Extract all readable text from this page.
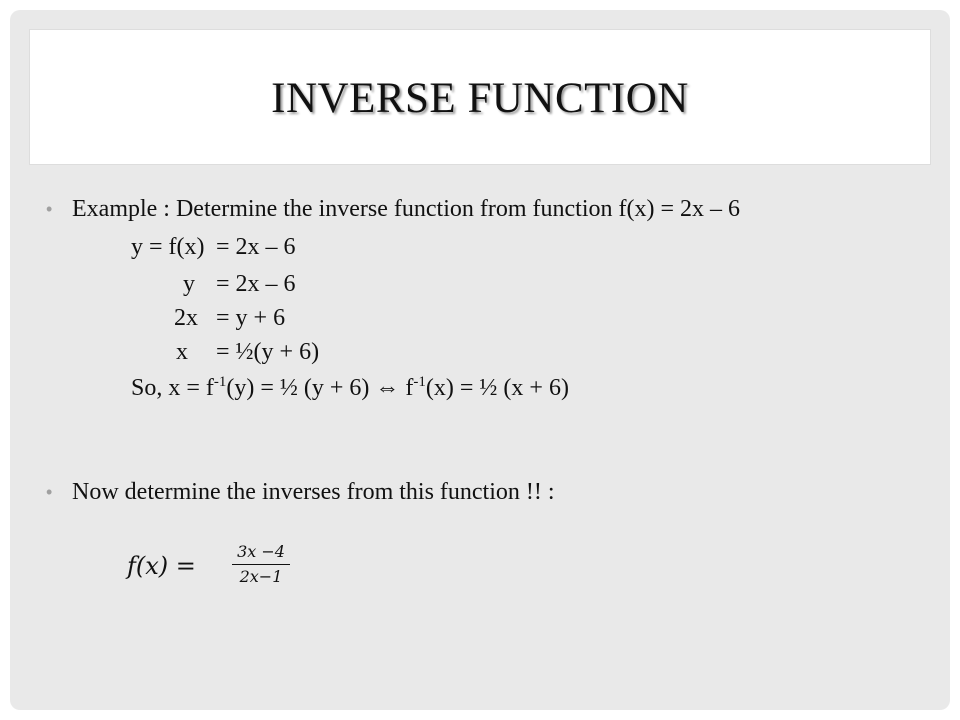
INVERSE FUNCTION
• Example : Determine the inverse function from function f(x) = 2x – 6
y = f(x) = 2x – 6
y = 2x – 6
2x = y + 6
x = ½(y + 6)
So, $x = f^{-1}(y)$ = ½ (y + 6) ⇔ $f^{-1}(x)$ = ½ (x + 6)
• Now determine the inverses from this function !! :
f(x) =
3x −4
2x−1
